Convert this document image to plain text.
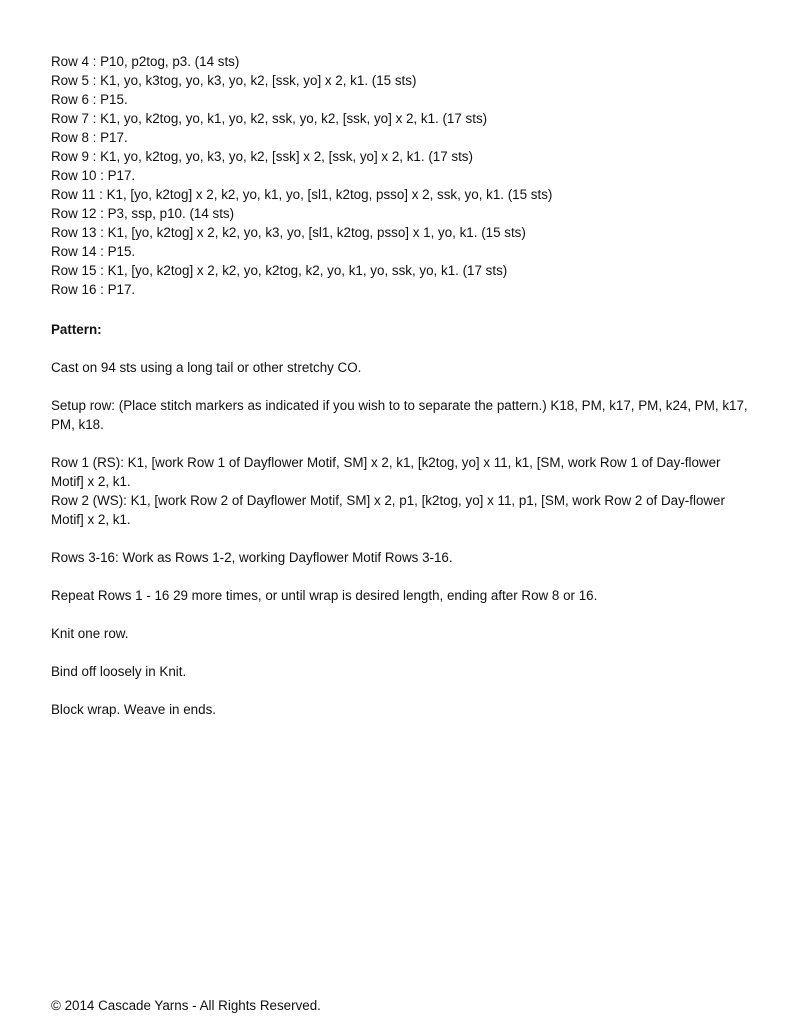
Row 4 : P10, p2tog, p3. (14 sts)
Row 5 : K1, yo, k3tog, yo, k3, yo, k2, [ssk, yo] x 2, k1. (15 sts)
Row 6 : P15.
Row 7 : K1, yo, k2tog, yo, k1, yo, k2, ssk, yo, k2, [ssk, yo] x 2, k1. (17 sts)
Row 8 : P17.
Row 9 : K1, yo, k2tog, yo, k3, yo, k2, [ssk] x 2, [ssk, yo] x 2, k1. (17 sts)
Row 10 : P17.
Row 11 : K1, [yo, k2tog] x 2, k2, yo, k1, yo, [sl1, k2tog, psso] x 2, ssk, yo, k1. (15 sts)
Row 12 : P3, ssp, p10. (14 sts)
Row 13 : K1, [yo, k2tog] x 2, k2, yo, k3, yo, [sl1, k2tog, psso] x 1, yo, k1. (15 sts)
Row 14 : P15.
Row 15 : K1, [yo, k2tog] x 2, k2, yo, k2tog, k2, yo, k1, yo, ssk, yo, k1. (17 sts)
Row 16 : P17.

Pattern:

Cast on 94 sts using a long tail or other stretchy CO.

Setup row: (Place stitch markers as indicated if you wish to to separate the pattern.) K18, PM, k17, PM, k24, PM, k17, PM, k18.

Row 1 (RS): K1, [work Row 1 of Dayflower Motif, SM] x 2, k1, [k2tog, yo] x 11, k1, [SM, work Row 1 of Day-flower Motif] x 2, k1.

Row 2 (WS): K1, [work Row 2 of Dayflower Motif, SM] x 2, p1, [k2tog, yo] x 11, p1, [SM, work Row 2 of Day-flower Motif] x 2, k1.

Rows 3-16: Work as Rows 1-2, working Dayflower Motif Rows 3-16.

Repeat Rows 1 - 16 29 more times, or until wrap is desired length, ending after Row 8 or 16.

Knit one row.

Bind off loosely in Knit.

Block wrap. Weave in ends.

© 2014 Cascade Yarns - All Rights Reserved.
